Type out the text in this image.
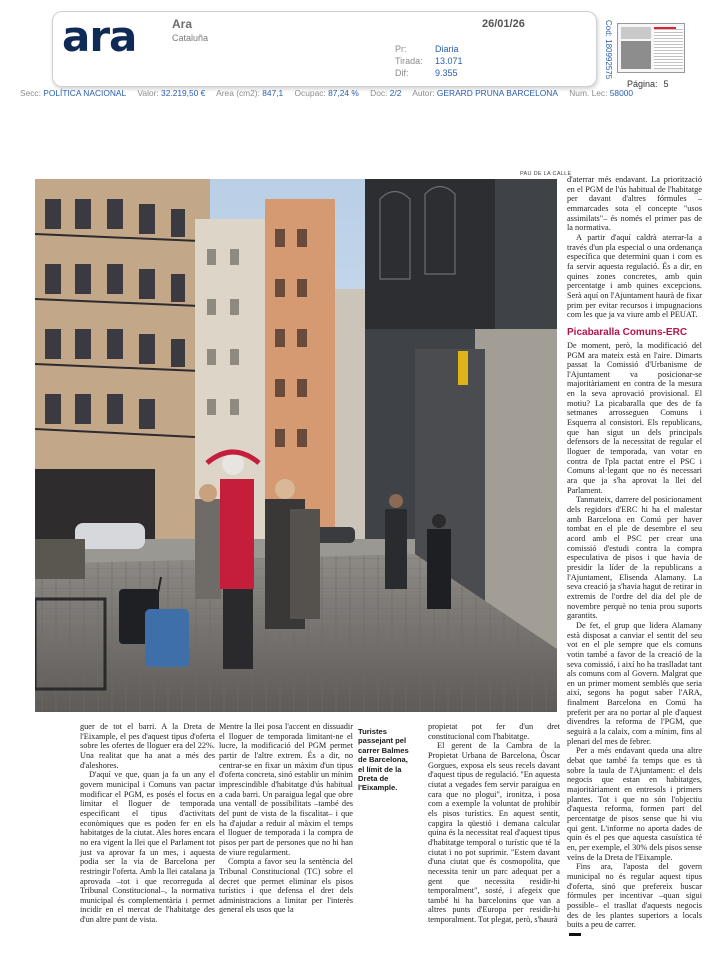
ara	Ara
Cataluña
26/01/26
Pr:	Diaria
Tirada: 13.071
Dif:	9.355	Cod: 180992575
Página: 5
Secc: POLÍTICA NACIONAL Valor: 32.219,50 € Area (cm2): 847,1 Ocupac: 87,24 % Doc: 2/2 Autor: GERARD PRUNA BARCELONA Num. Lec: 58000
PAU DE LA CALLE

d'aterrar més endavant. La priorització en el PGM de l'ús habitual de l'habitatge per davant d'altres fórmules –emmarcades sota el concepte "usos assimilats"– és només el primer pas de la normativa.

A partir d'aquí caldrà aterrar-la a través d'un pla especial o una ordenança específica que determini quan i com es fa servir aquesta regulació. És a dir, en quines zones concretes, amb quin percentatge i amb quines excepcions. Serà aquí on l'Ajuntament haurà de fixar prim per evitar recursos i impugnacions com les que ja va viure amb el PEUAT.

Picabaralla Comuns-ERC

De moment, però, la modificació del PGM ara mateix està en l'aire. Dimarts passat la Comissió d'Urbanisme de l'Ajuntament va posicionar-se majoritàriament en contra de la mesura en la seva aprovació provisional. El motiu? La picabaralla que des de fa setmanes arrosseguen Comuns i Esquerra al consistori. Els republicans, que han sigut un dels principals defensors de la necessitat de regular el lloguer de temporada, van votar en contra de l'pla pactat entre el PSC i Comuns al·legant que no és necessari ara que ja s'ha aprovat la llei del Parlament.

Tanmateix, darrere del posicionament dels regidors d'ERC hi ha el malestar amb Barcelona en Comú per haver tombat en el ple de desembre el seu acord amb el PSC per crear una comissió d'estudi contra la compra especulativa de pisos i que havia de presidir la líder de la republicans a l'Ajuntament, Elisenda Alamany. La seva creació ja s'havia hagut de retirar in extremis de l'ordre del dia del ple de novembre perquè no tenia prou suports garantits.

De fet, el grup que lidera Alamany està disposat a canviar el sentit del seu vot en el ple sempre que els comuns votin també a favor de la creació de la seva comissió, i així ho ha traslladat tant als comuns com al Govern. Malgrat que en un primer moment semblés que seria així, segons ha pogut saber l'ARA, finalment Barcelona en Comú ha preferit per ara no portar al ple d'aquest divendres la reforma de l'PGM, que seguirà a la calaix, com a mínim, fins al plenari del mes de febrer.

Per a més endavant queda una altre debat que també fa temps que es tà sobre la taula de l'Ajuntament: el dels negocis que estan en habitatges, majoritàriament en entresols i primers plantes. Tot i que no són l'objectiu d'aquesta reforma, formen part del percentatge de pisos sense que hi viu qui gent. L'informe no aporta dades de quin és el pes que aquesta casuística té en, per exemple, el 30% dels pisos sense veïns de la Dreta de l'Eixample.

Fins ara, l'aposta del govern municipal no és regular aquest tipus d'oferta, sinó que prefereix buscar fórmules per incentivar –quan sigui possible– el trasllat d'aquests negocis des de les plantes superiors a locals buits a peu de carrer.

guer de tot el barri. A la Dreta de l'Eixample, el pes d'aquest tipus d'oferta sobre les ofertes de lloguer era del 22%. Una realitat que ha anat a més des d'aleshores.

D'aquí ve que, quan ja fa un any el govern municipal i Comuns van pactar modificar el PGM, es posés el focus en limitar el lloguer de temporada especificant el tipus d'activitats econòmiques que es poden fer en els habitatges de la ciutat. Ales hores encara no era vigent la llei que el Parlament tot just va aprovar fa un mes, i aquesta podia ser la via de Barcelona per restringir l'oferta. Amb la llei catalana ja aprovada –tot i que recorreguda al Tribunal Constitucional–, la normativa municipal és complementària i permet incidir en el mercat de l'habitatge des d'un altre punt de vista.

Mentre la llei posa l'accent en dissuadir el lloguer de temporada limitant-ne el lucre, la modificació del PGM permet partir de l'altre extrem. És a dir, no centrar-se en fixar un màxim d'un tipus d'oferta concreta, sinó establir un mínim imprescindible d'habitatge d'ús habitual a cada barri. Un paraigua legal que obre una ventall de possibilitats –també des del punt de vista de la fiscalitat– i que ha d'ajudar a reduir al màxim el temps el lloguer de temporada i la compra de pisos per part de persones que no hi han de viure regularment.

Compta a favor seu la sentència del Tribunal Constitucional (TC) sobre el decret que permet eliminar els pisos turístics i que defensa el dret dels administracions a limitar per l'interès general els usos que la

Turistes passejant pel carrer Balmes de Barcelona, el límit de la Dreta de l'Eixample.

propietat pot fer d'un dret constitucional com l'habitatge.

El gerent de la Cambra de la Propietat Urbana de Barcelona, Òscar Gorgues, exposa els seus recels davant d'aquest tipus de regulació. "En aquesta ciutat a vegades fem servir paraigua en cara que no plogui", ironitza, i posa com a exemple la voluntat de prohibir els pisos turístics. En aquest sentit, capgira la qüestió i demana calcular quina és la necessitat real d'aquest tipus d'habitatge temporal o turístic que té la ciutat i no pot suprimir. "Estem davant d'una ciutat que és cosmopolita, que necessita tenir un parc adequat per a gent que necessita residir-hi temporalment", sosté, i afegeix que també hi ha barcelonins que van a altres punts d'Europa per residir-hi temporalment. Tot plegat, però, s'haurà
